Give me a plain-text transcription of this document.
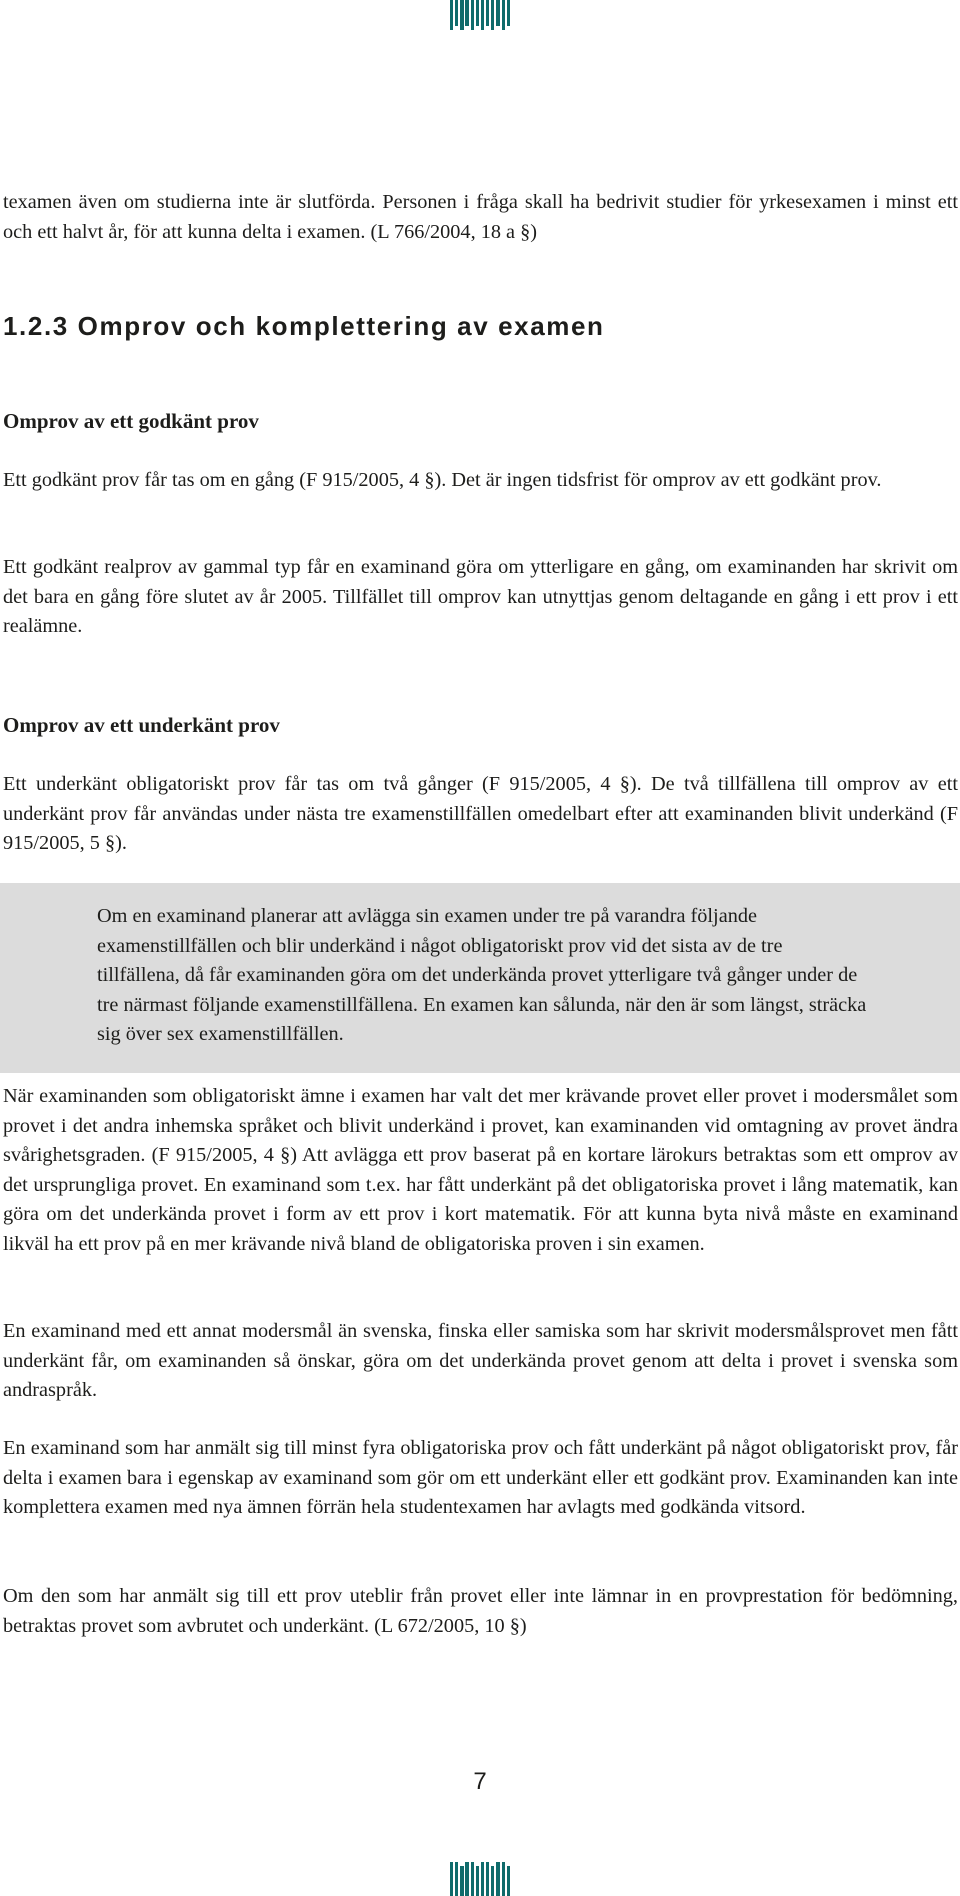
texamen även om studierna inte är slutförda. Personen i fråga skall ha bedrivit studier för yrkesexamen i minst ett och ett halvt år, för att kunna delta i examen. (L 766/2004, 18 a §)

1.2.3 Omprov och komplettering av examen
Omprov av ett godkänt prov

Ett godkänt prov får tas om en gång (F 915/2005, 4 §). Det är ingen tidsfrist för omprov av ett godkänt prov.

Ett godkänt realprov av gammal typ får en examinand göra om ytterligare en gång, om examinanden har skrivit om det bara en gång före slutet av år 2005. Tillfället till omprov kan utnyttjas genom deltagande en gång i ett prov i ett realämne.

Omprov av ett underkänt prov

Ett underkänt obligatoriskt prov får tas om två gånger (F 915/2005, 4 §). De två tillfällena till omprov av ett underkänt prov får användas under nästa tre examenstillfällen omedelbart efter att examinanden blivit underkänd (F 915/2005, 5 §).

Om en examinand planerar att avlägga sin examen under tre på varandra följande examenstillfällen och blir underkänd i något obligatoriskt prov vid det sista av de tre tillfällena, då får examinanden göra om det underkända provet ytterligare två gånger under de tre närmast följande examenstillfällena. En examen kan sålunda, när den är som längst, sträcka sig över sex examenstillfällen.

När examinanden som obligatoriskt ämne i examen har valt det mer krävande provet eller provet i modersmålet som provet i det andra inhemska språket och blivit underkänd i provet, kan examinanden vid omtagning av provet ändra svårighetsgraden. (F 915/2005, 4 §) Att avlägga ett prov baserat på en kortare lärokurs betraktas som ett omprov av det ursprungliga provet. En examinand som t.ex. har fått underkänt på det obligatoriska provet i lång matematik, kan göra om det underkända provet i form av ett prov i kort matematik. För att kunna byta nivå måste en examinand likväl ha ett prov på en mer krävande nivå bland de obligatoriska proven i sin examen.

En examinand med ett annat modersmål än svenska, finska eller samiska som har skrivit modersmålsprovet men fått underkänt får, om examinanden så önskar, göra om det underkända provet genom att delta i provet i svenska som andraspråk.

En examinand som har anmält sig till minst fyra obligatoriska prov och fått underkänt på något obligatoriskt prov, får delta i examen bara i egenskap av examinand som gör om ett underkänt eller ett godkänt prov. Examinanden kan inte komplettera examen med nya ämnen förrän hela studentexamen har avlagts med godkända vitsord.

Om den som har anmält sig till ett prov uteblir från provet eller inte lämnar in en provprestation för bedömning, betraktas provet som avbrutet och underkänt. (L 672/2005, 10 §)

7
